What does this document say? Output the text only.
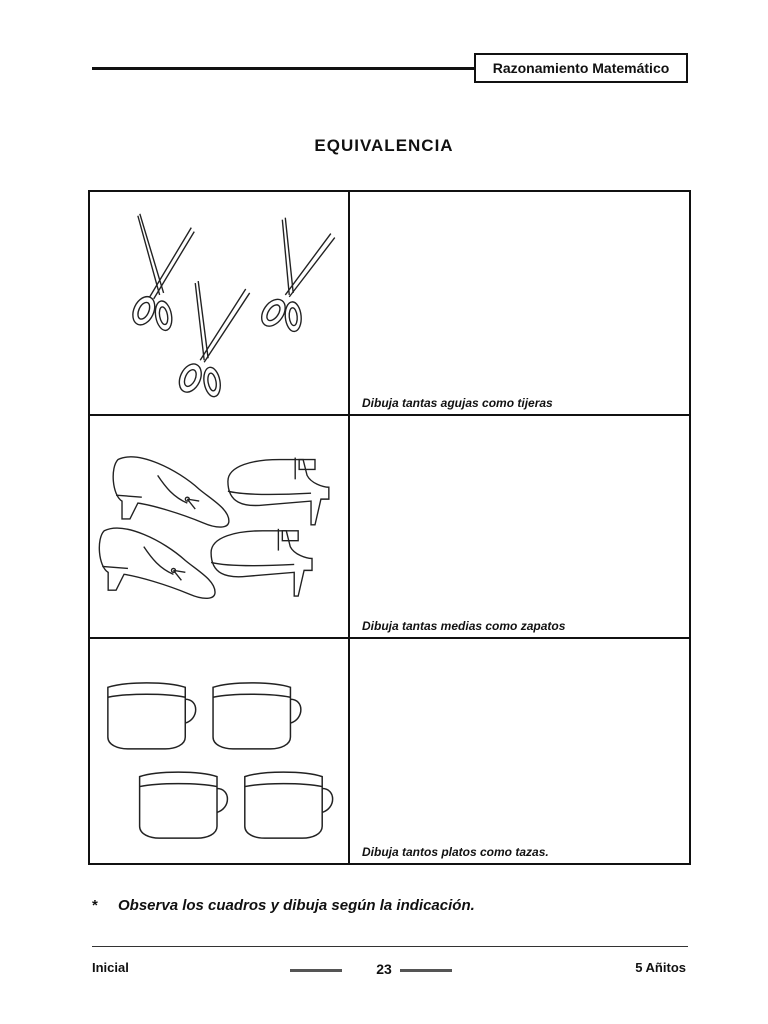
Razonamiento Matemático
EQUIVALENCIA
Dibuja tantas agujas como tijeras
Dibuja tantas medias como zapatos
Dibuja tantos platos como tazas.
* Observa los cuadros y dibuja según la indicación.
Inicial	23	5 Añitos
